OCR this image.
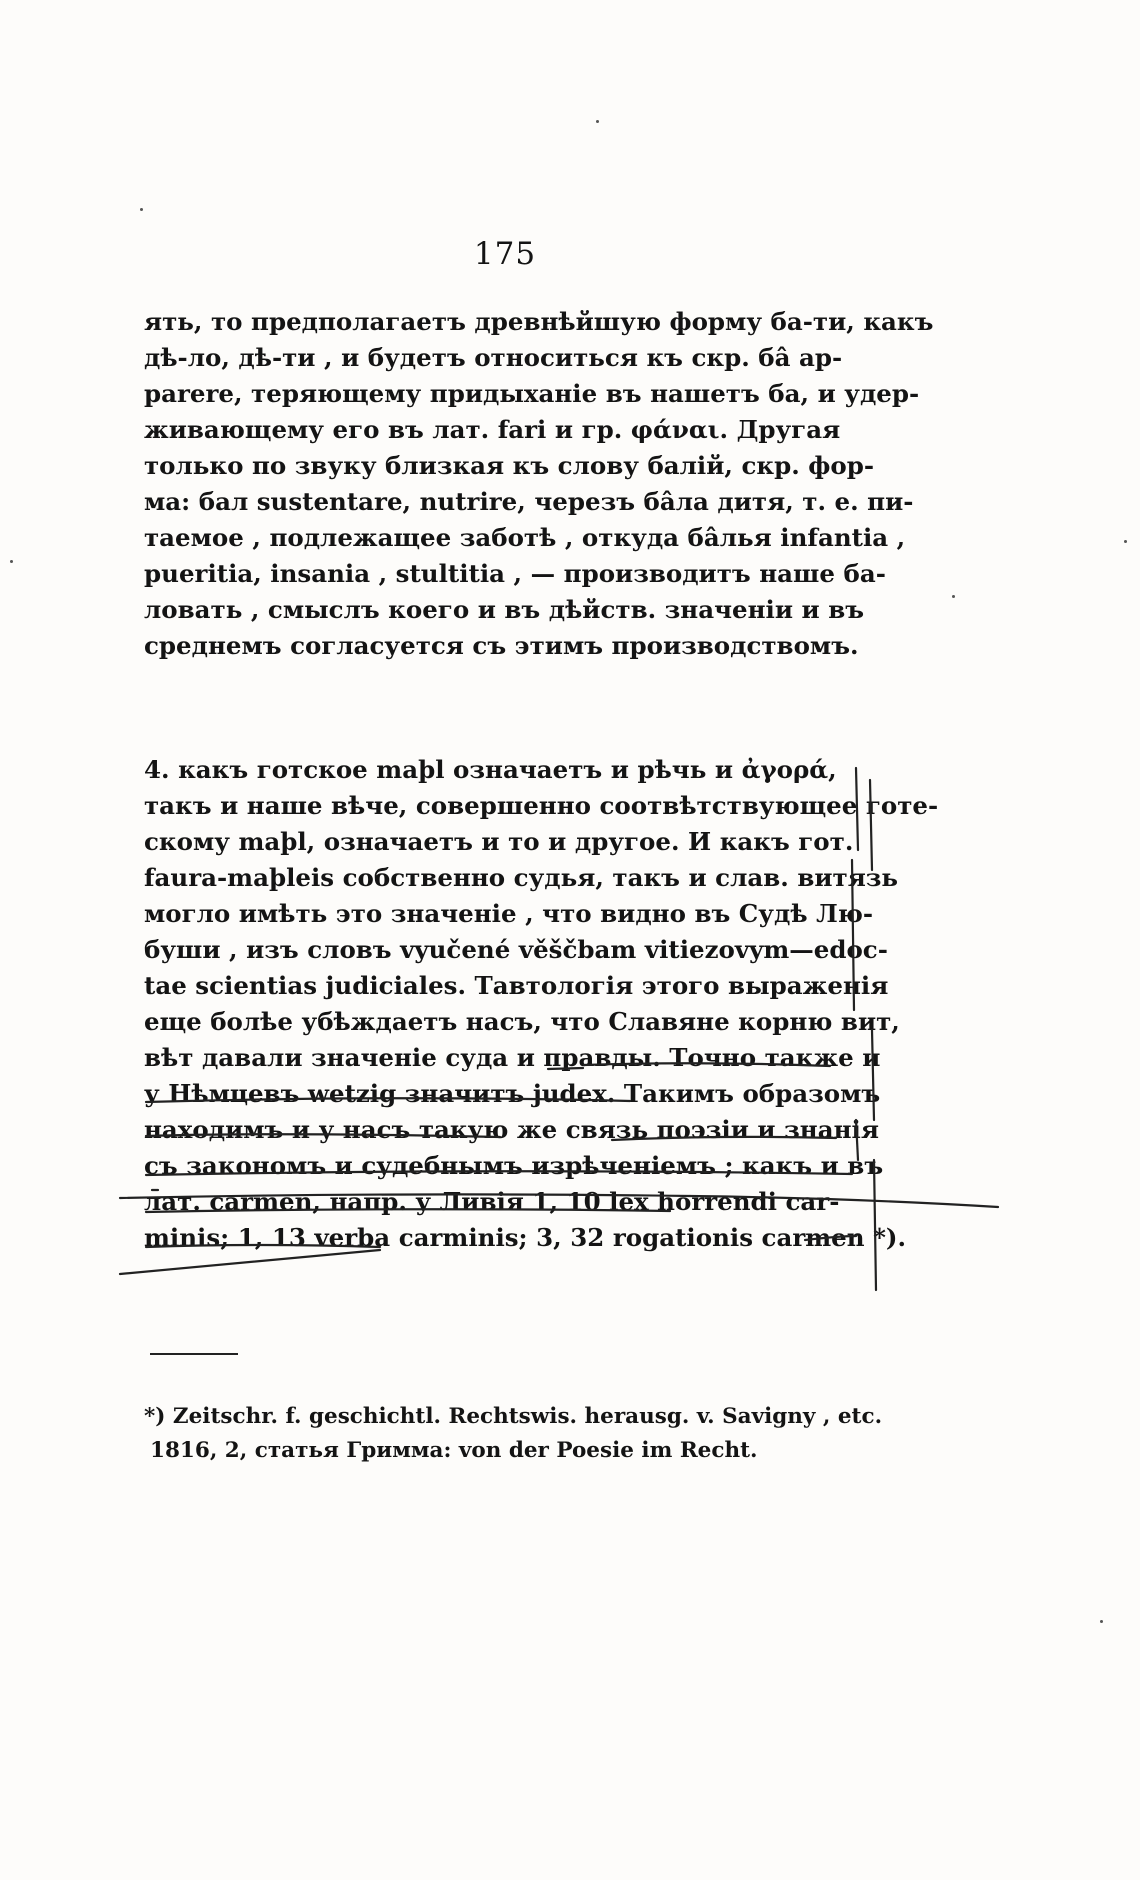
175
ять, то предполагаетъ древнѣйшую форму ба-ти, какъ
дѣ-ло, дѣ-ти , и будетъ относиться къ скр. бâ ар-
parere, теряющему придыханіе въ нашетъ ба, и удер-
живающему его въ лат. fari и гр. φάναι. Другая
только по звуку близкая къ слову балій, скр. фор-
ма: бал sustentare, nutrire, черезъ бâла дитя, т. е. пи-
таемое , подлежащее заботѣ , откуда бâлья infantia ,
pueritia, insania , stultitia , — производитъ наше ба-
ловать , смыслъ коего и въ дѣйств. значеніи и въ
среднемъ согласуется съ этимъ производствомъ.
4. какъ готское maþl означаетъ и рѣчь и ἀγορά,
такъ и наше вѣче, совершенно соотвѣтствующее готе-
скому maþl, означаетъ и то и другое. И какъ гот.
faura-maþleis собственно судья, такъ и слав. витязь
могло имѣть это значеніе , что видно въ Судѣ Лю-
буши , изъ словъ vyučené věščbam vitiezovym—edoc-
tae scientias judiciales. Тавтологія этого выраженія
еще болѣе убѣждаетъ насъ, что Славяне корню вит,
вѣт давали значеніе суда и правды. Точно также и
у Нѣмцевъ wetzig значитъ judex. Такимъ образомъ
находимъ и у насъ такую же связь поэзіи и знанія
съ закономъ и судебнымъ изрѣченіемъ ; какъ и въ
лат. carmen, напр. у Ливія 1, 10 lex horrendi car-
minis; 1, 13 verba carminis; 3, 32 rogationis carmen *).
*) Zeitschr. f. geschichtl. Rechtswis. herausg. v. Savigny , etc.
1816, 2, статья Гримма: von der Poesie im Recht.
